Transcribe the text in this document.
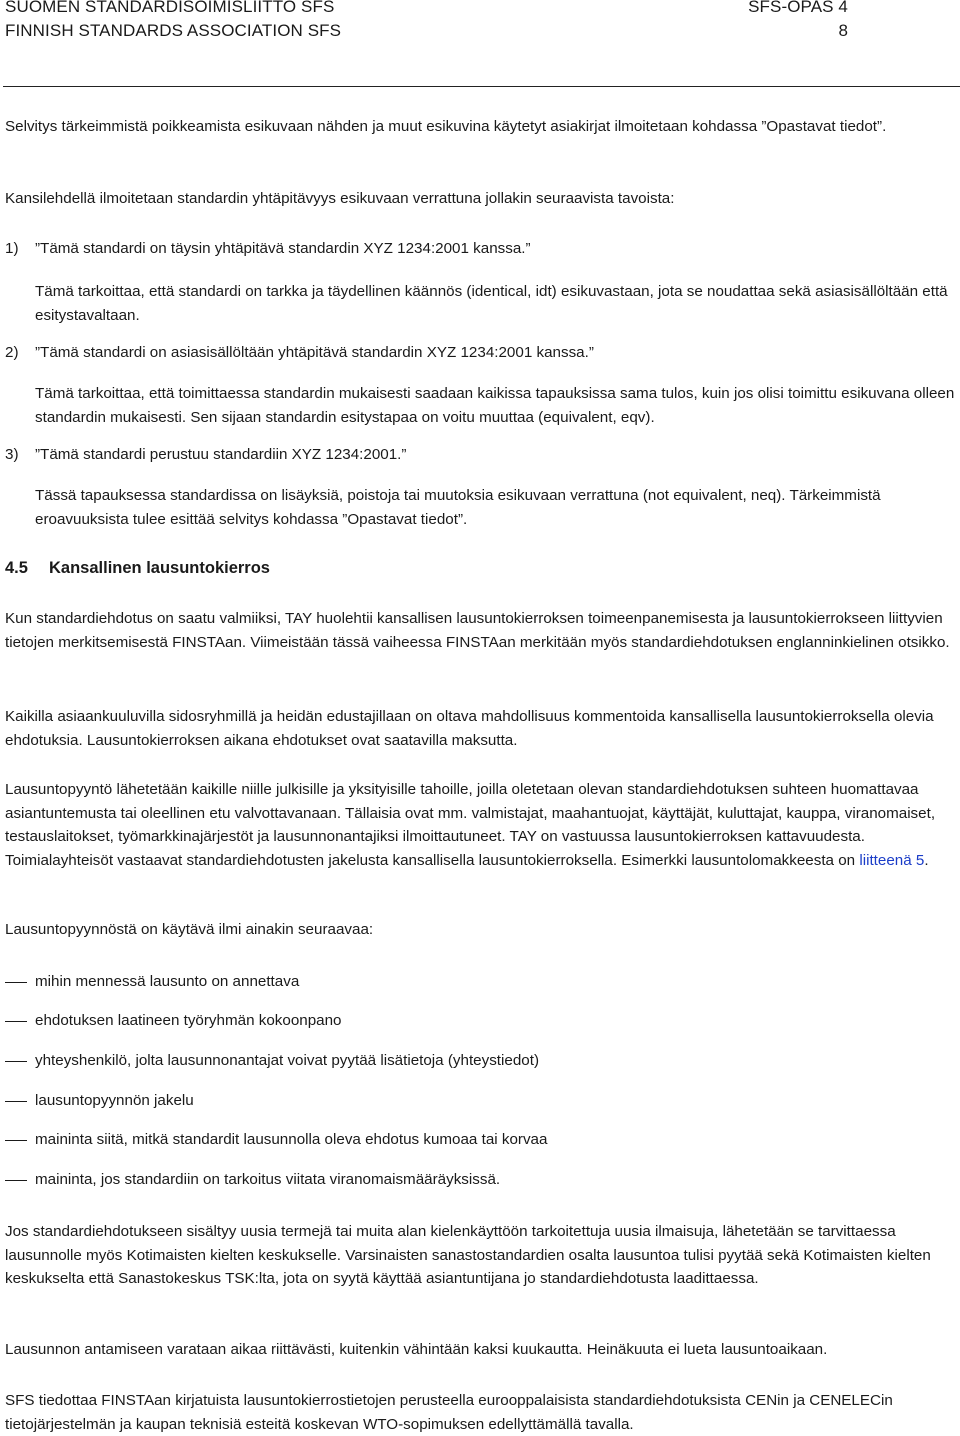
SUOMEN STANDARDISOIMISLIITTO SFS	SFS-OPAS 4
FINNISH STANDARDS ASSOCIATION SFS	8
Selvitys tärkeimmistä poikkeamista esikuvaan nähden ja muut esikuvina käytetyt asiakirjat ilmoitetaan kohdassa ”Opastavat tiedot”.
Kansilehdellä ilmoitetaan standardin yhtäpitävyys esikuvaan verrattuna jollakin seuraavista tavoista:
1) ”Tämä standardi on täysin yhtäpitävä standardin XYZ 1234:2001 kanssa.”
Tämä tarkoittaa, että standardi on tarkka ja täydellinen käännös (identical, idt) esikuvastaan, jota se noudattaa sekä asiasisällöltään että esitystavaltaan.
2) ”Tämä standardi on asiasisällöltään yhtäpitävä standardin XYZ 1234:2001 kanssa.”
Tämä tarkoittaa, että toimittaessa standardin mukaisesti saadaan kaikissa tapauksissa sama tulos, kuin jos olisi toimittu esikuvana olleen standardin mukaisesti. Sen sijaan standardin esitystapaa on voitu muuttaa (equivalent, eqv).
3) ”Tämä standardi perustuu standardiin XYZ 1234:2001.”
Tässä tapauksessa standardissa on lisäyksiä, poistoja tai muutoksia esikuvaan verrattuna (not equivalent, neq). Tärkeimmistä eroavuuksista tulee esittää selvitys kohdassa ”Opastavat tiedot”.
4.5 Kansallinen lausuntokierros
Kun standardiehdotus on saatu valmiiksi, TAY huolehtii kansallisen lausuntokierroksen toimeenpanemisesta ja lausuntokierrokseen liittyvien tietojen merkitsemisestä FINSTAan. Viimeistään tässä vaiheessa FINSTAan merkitään myös standardiehdotuksen englanninkielinen otsikko.
Kaikilla asiaankuuluvilla sidosryhmillä ja heidän edustajillaan on oltava mahdollisuus kommentoida kansallisella lausuntokierroksella olevia ehdotuksia. Lausuntokierroksen aikana ehdotukset ovat saatavilla maksutta.
Lausuntopyyntö lähetetään kaikille niille julkisille ja yksityisille tahoille, joilla oletetaan olevan standardiehdotuksen suhteen huomattavaa asiantuntemusta tai oleellinen etu valvottavanaan. Tällaisia ovat mm. valmistajat, maahantuojat, käyttäjät, kuluttajat, kauppa, viranomaiset, testauslaitokset, työmarkkinajärjestöt ja lausunnonantajiksi ilmoittautuneet. TAY on vastuussa lausuntokierroksen kattavuudesta. Toimialayhteisöt vastaavat standardiehdotusten jakelusta kansallisella lausuntokierroksella. Esimerkki lausuntolomakkeesta on liitteenä 5.
Lausuntopyynnöstä on käytävä ilmi ainakin seuraavaa:
mihin mennessä lausunto on annettava
ehdotuksen laatineen työryhmän kokoonpano
yhteyshenkilö, jolta lausunnonantajat voivat pyytää lisätietoja (yhteystiedot)
lausuntopyynnön jakelu
maininta siitä, mitkä standardit lausunnolla oleva ehdotus kumoaa tai korvaa
maininta, jos standardiin on tarkoitus viitata viranomaismääräyksissä.
Jos standardiehdotukseen sisältyy uusia termejä tai muita alan kielenkäyttöön tarkoitettuja uusia ilmaisuja, lähetetään se tarvittaessa lausunnolle myös Kotimaisten kielten keskukselle. Varsinaisten sanastostandardien osalta lausuntoa tulisi pyytää sekä Kotimaisten kielten keskukselta että Sanastokeskus TSK:lta, jota on syytä käyttää asiantuntijana jo standardiehdotusta laadittaessa.
Lausunnon antamiseen varataan aikaa riittävästi, kuitenkin vähintään kaksi kuukautta. Heinäkuuta ei lueta lausuntoaikaan.
SFS tiedottaa FINSTAan kirjatuista lausuntokierrostietojen perusteella eurooppalaisista standardiehdotuksista CENin ja CENELECin tietojärjestelmän ja kaupan teknisiä esteitä koskevan WTO-sopimuksen edellyttämällä tavalla.
